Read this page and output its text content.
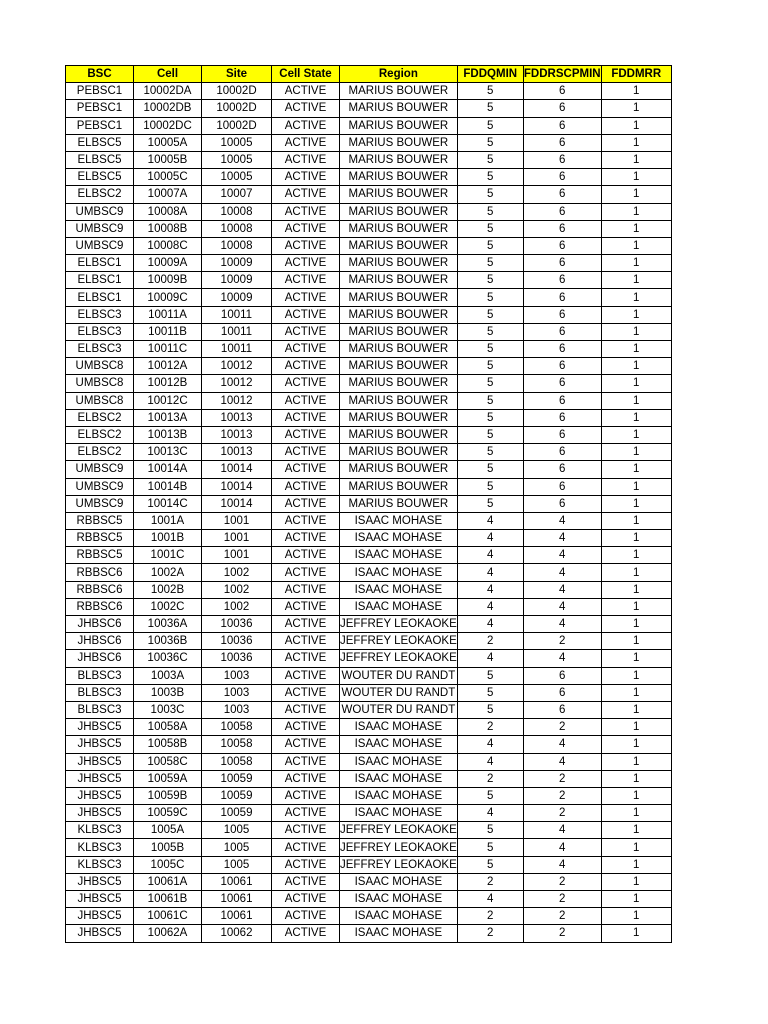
BSC	Cell	Site	Cell State	Region	FDDQMIN	FDDRSCPMIN	FDDMRR
PEBSC1	10002DA	10002D	ACTIVE	MARIUS BOUWER	5	6	1
PEBSC1	10002DB	10002D	ACTIVE	MARIUS BOUWER	5	6	1
PEBSC1	10002DC	10002D	ACTIVE	MARIUS BOUWER	5	6	1
ELBSC5	10005A	10005	ACTIVE	MARIUS BOUWER	5	6	1
ELBSC5	10005B	10005	ACTIVE	MARIUS BOUWER	5	6	1
ELBSC5	10005C	10005	ACTIVE	MARIUS BOUWER	5	6	1
ELBSC2	10007A	10007	ACTIVE	MARIUS BOUWER	5	6	1
UMBSC9	10008A	10008	ACTIVE	MARIUS BOUWER	5	6	1
UMBSC9	10008B	10008	ACTIVE	MARIUS BOUWER	5	6	1
UMBSC9	10008C	10008	ACTIVE	MARIUS BOUWER	5	6	1
ELBSC1	10009A	10009	ACTIVE	MARIUS BOUWER	5	6	1
ELBSC1	10009B	10009	ACTIVE	MARIUS BOUWER	5	6	1
ELBSC1	10009C	10009	ACTIVE	MARIUS BOUWER	5	6	1
ELBSC3	10011A	10011	ACTIVE	MARIUS BOUWER	5	6	1
ELBSC3	10011B	10011	ACTIVE	MARIUS BOUWER	5	6	1
ELBSC3	10011C	10011	ACTIVE	MARIUS BOUWER	5	6	1
UMBSC8	10012A	10012	ACTIVE	MARIUS BOUWER	5	6	1
UMBSC8	10012B	10012	ACTIVE	MARIUS BOUWER	5	6	1
UMBSC8	10012C	10012	ACTIVE	MARIUS BOUWER	5	6	1
ELBSC2	10013A	10013	ACTIVE	MARIUS BOUWER	5	6	1
ELBSC2	10013B	10013	ACTIVE	MARIUS BOUWER	5	6	1
ELBSC2	10013C	10013	ACTIVE	MARIUS BOUWER	5	6	1
UMBSC9	10014A	10014	ACTIVE	MARIUS BOUWER	5	6	1
UMBSC9	10014B	10014	ACTIVE	MARIUS BOUWER	5	6	1
UMBSC9	10014C	10014	ACTIVE	MARIUS BOUWER	5	6	1
RBBSC5	1001A	1001	ACTIVE	ISAAC MOHASE	4	4	1
RBBSC5	1001B	1001	ACTIVE	ISAAC MOHASE	4	4	1
RBBSC5	1001C	1001	ACTIVE	ISAAC MOHASE	4	4	1
RBBSC6	1002A	1002	ACTIVE	ISAAC MOHASE	4	4	1
RBBSC6	1002B	1002	ACTIVE	ISAAC MOHASE	4	4	1
RBBSC6	1002C	1002	ACTIVE	ISAAC MOHASE	4	4	1
JHBSC6	10036A	10036	ACTIVE	JEFFREY LEOKAOKE	4	4	1
JHBSC6	10036B	10036	ACTIVE	JEFFREY LEOKAOKE	2	2	1
JHBSC6	10036C	10036	ACTIVE	JEFFREY LEOKAOKE	4	4	1
BLBSC3	1003A	1003	ACTIVE	WOUTER DU RANDT	5	6	1
BLBSC3	1003B	1003	ACTIVE	WOUTER DU RANDT	5	6	1
BLBSC3	1003C	1003	ACTIVE	WOUTER DU RANDT	5	6	1
JHBSC5	10058A	10058	ACTIVE	ISAAC MOHASE	2	2	1
JHBSC5	10058B	10058	ACTIVE	ISAAC MOHASE	4	4	1
JHBSC5	10058C	10058	ACTIVE	ISAAC MOHASE	4	4	1
JHBSC5	10059A	10059	ACTIVE	ISAAC MOHASE	2	2	1
JHBSC5	10059B	10059	ACTIVE	ISAAC MOHASE	5	2	1
JHBSC5	10059C	10059	ACTIVE	ISAAC MOHASE	4	2	1
KLBSC3	1005A	1005	ACTIVE	JEFFREY LEOKAOKE	5	4	1
KLBSC3	1005B	1005	ACTIVE	JEFFREY LEOKAOKE	5	4	1
KLBSC3	1005C	1005	ACTIVE	JEFFREY LEOKAOKE	5	4	1
JHBSC5	10061A	10061	ACTIVE	ISAAC MOHASE	2	2	1
JHBSC5	10061B	10061	ACTIVE	ISAAC MOHASE	4	2	1
JHBSC5	10061C	10061	ACTIVE	ISAAC MOHASE	2	2	1
JHBSC5	10062A	10062	ACTIVE	ISAAC MOHASE	2	2	1
